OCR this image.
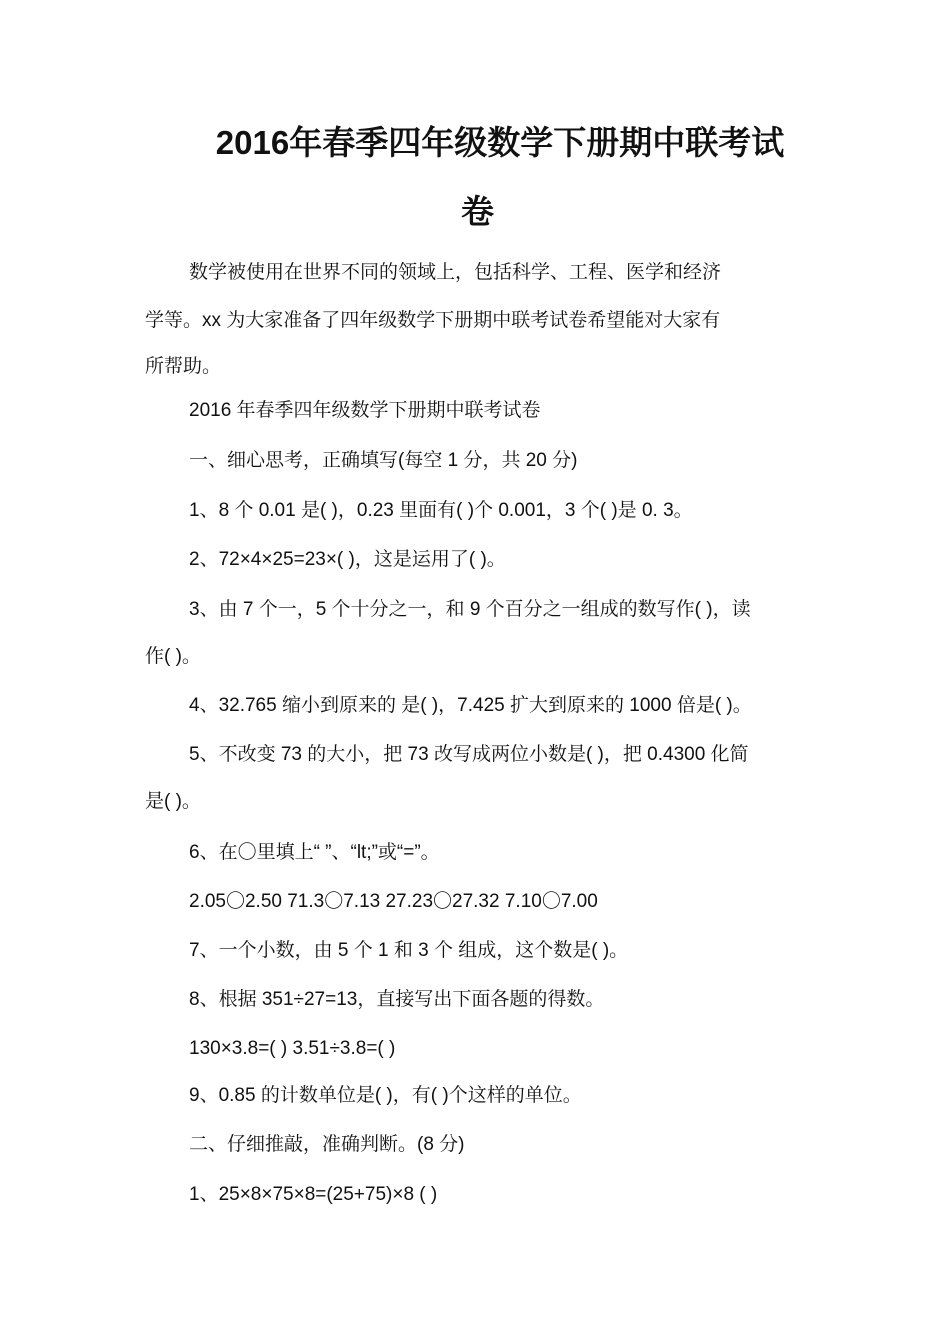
2016年春季四年级数学下册期中联考试
卷
数学被使用在世界不同的领域上，包括科学、工程、医学和经济
学等。xx 为大家准备了四年级数学下册期中联考试卷希望能对大家有
所帮助。
2016 年春季四年级数学下册期中联考试卷
一、细心思考，正确填写(每空 1 分，共 20 分)
1、8 个 0.01 是( )，0.23 里面有( )个 0.001，3 个( )是 0. 3。
2、72×4×25=23×( )，这是运用了( )。
3、由 7 个一，5 个十分之一，和 9 个百分之一组成的数写作( )，读
作( )。
4、32.765 缩小到原来的 是( )，7.425 扩大到原来的 1000 倍是( )。
5、不改变 73 的大小，把 73 改写成两位小数是( )，把 0.4300 化简
是( )。
6、在〇里填上“ ”、“lt;”或“=”。
2.05〇2.50 71.3〇7.13 27.23〇27.32 7.10〇7.00
7、一个小数，由 5 个 1 和 3 个 组成，这个数是( )。
8、根据 351÷27=13，直接写出下面各题的得数。
130×3.8=( ) 3.51÷3.8=( )
9、0.85 的计数单位是( )，有( )个这样的单位。
二、仔细推敲，准确判断。(8 分)
1、25×8×75×8=(25+75)×8 ( )
